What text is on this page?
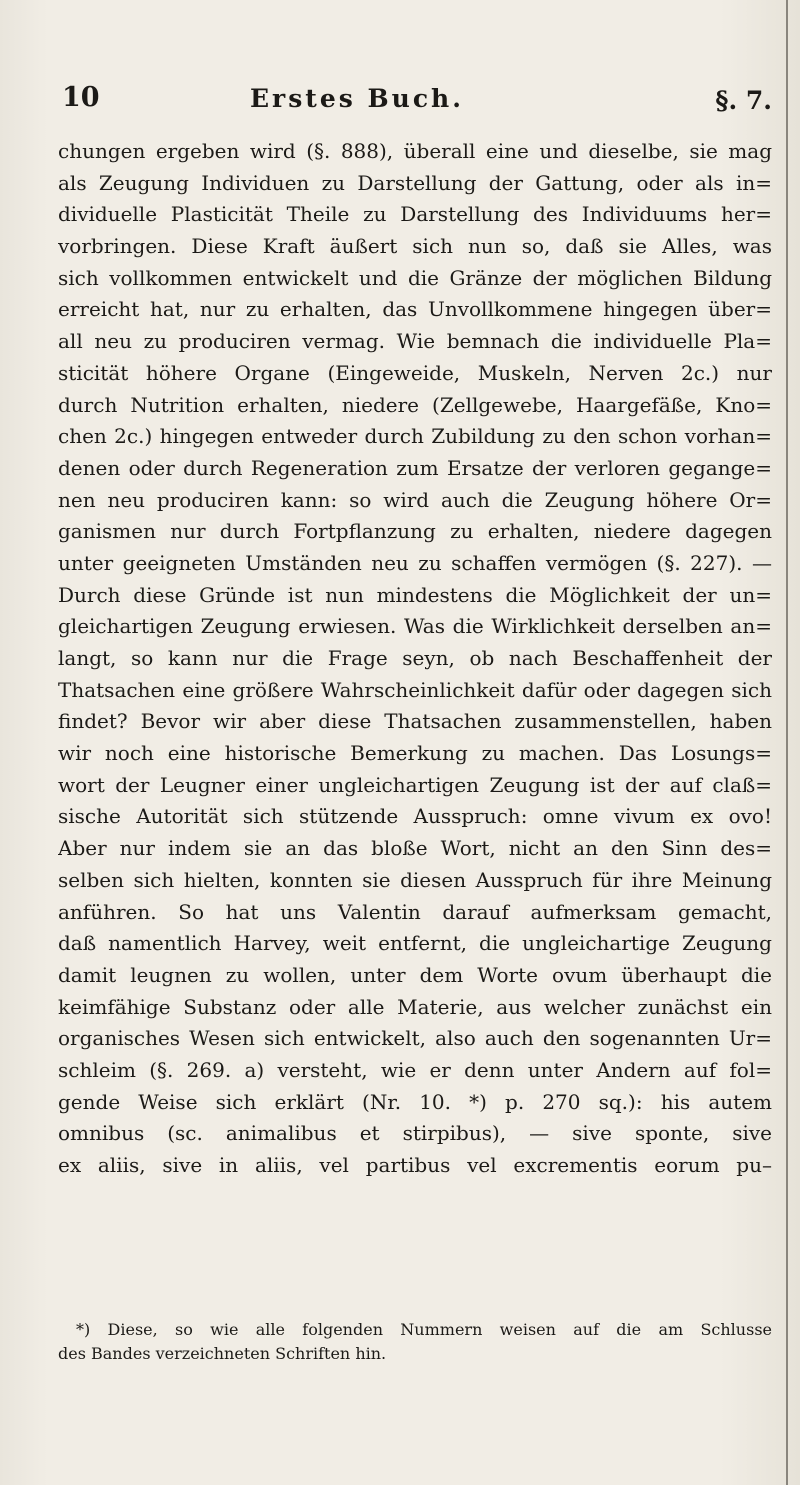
10	Erstes Buch.	§. 7.
chungen ergeben wird (§. 888), überall eine und dieselbe, sie mag
als Zeugung Individuen zu Darstellung der Gattung, oder als in=
dividuelle Plasticität Theile zu Darstellung des Individuums her=
vorbringen. Diese Kraft äußert sich nun so, daß sie Alles, was
sich vollkommen entwickelt und die Gränze der möglichen Bildung
erreicht hat, nur zu erhalten, das Unvollkommene hingegen über=
all neu zu produciren vermag. Wie bemnach die individuelle Pla=
sticität höhere Organe (Eingeweide, Muskeln, Nerven 2c.) nur
durch Nutrition erhalten, niedere (Zellgewebe, Haargefäße, Kno=
chen 2c.) hingegen entweder durch Zubildung zu den schon vorhan=
denen oder durch Regeneration zum Ersatze der verloren gegange=
nen neu produciren kann: so wird auch die Zeugung höhere Or=
ganismen nur durch Fortpflanzung zu erhalten, niedere dagegen
unter geeigneten Umständen neu zu schaffen vermögen (§. 227). —
Durch diese Gründe ist nun mindestens die Möglichkeit der un=
gleichartigen Zeugung erwiesen. Was die Wirklichkeit derselben an=
langt, so kann nur die Frage seyn, ob nach Beschaffenheit der
Thatsachen eine größere Wahrscheinlichkeit dafür oder dagegen sich
findet? Bevor wir aber diese Thatsachen zusammenstellen, haben
wir noch eine historische Bemerkung zu machen. Das Losungs=
wort der Leugner einer ungleichartigen Zeugung ist der auf claß=
sische Autorität sich stützende Ausspruch: omne vivum ex ovo!
Aber nur indem sie an das bloße Wort, nicht an den Sinn des=
selben sich hielten, konnten sie diesen Ausspruch für ihre Meinung
anführen. So hat uns Valentin darauf aufmerksam gemacht,
daß namentlich Harvey, weit entfernt, die ungleichartige Zeugung
damit leugnen zu wollen, unter dem Worte ovum überhaupt die
keimfähige Substanz oder alle Materie, aus welcher zunächst ein
organisches Wesen sich entwickelt, also auch den sogenannten Ur=
schleim (§. 269. a) versteht, wie er denn unter Andern auf fol=
gende Weise sich erklärt (Nr. 10. *) p. 270 sq.): his autem
omnibus (sc. animalibus et stirpibus), — sive sponte, sive
ex aliis, sive in aliis, vel partibus vel excrementis eorum pu–
*) Diese, so wie alle folgenden Nummern weisen auf die am Schlusse
des Bandes verzeichneten Schriften hin.
